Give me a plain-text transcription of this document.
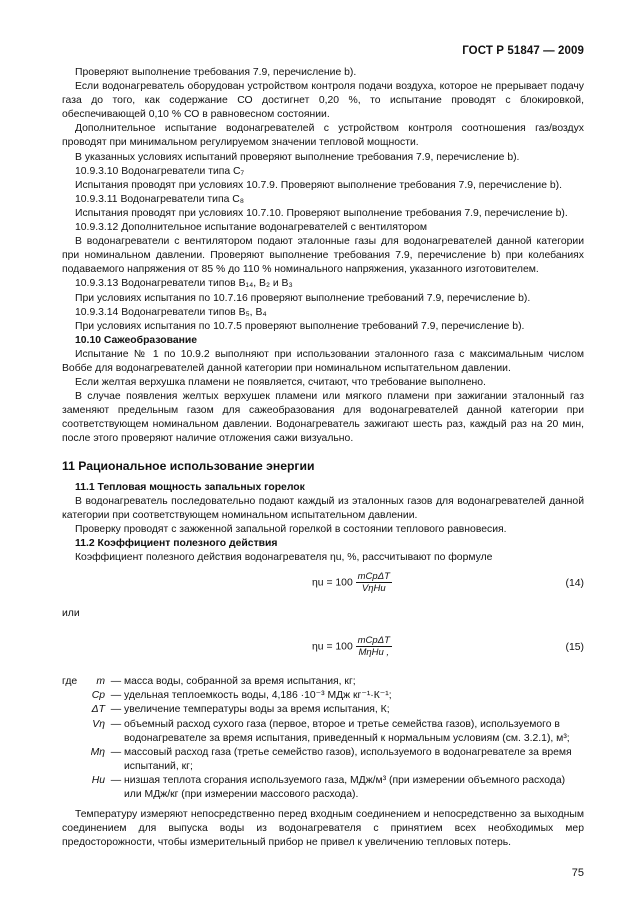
ГОСТ Р 51847 — 2009

Проверяют выполнение требования 7.9, перечисление b).

Если водонагреватель оборудован устройством контроля подачи воздуха, которое не прерывает подачу газа до того, как содержание СО достигнет 0,20 %, то испытание проводят с блокировкой, обеспечивающей 0,10 % СО в равновесном состоянии.

Дополнительное испытание водонагревателей с устройством контроля соотношения газ/воздух проводят при минимальном регулируемом значении тепловой мощности.

В указанных условиях испытаний проверяют выполнение требования 7.9, перечисление b).

10.9.3.10 Водонагреватели типа C₇

Испытания проводят при условиях 10.7.9. Проверяют выполнение требования 7.9, перечисление b).

10.9.3.11 Водонагреватели типа C₈

Испытания проводят при условиях 10.7.10. Проверяют выполнение требования 7.9, перечисление b).

10.9.3.12 Дополнительное испытание водонагревателей с вентилятором

В водонагреватели с вентилятором подают эталонные газы для водонагревателей данной категории при номинальном давлении. Проверяют выполнение требования 7.9, перечисление b) при колебаниях подаваемого напряжения от 85 % до 110 % номинального напряжения, указанного изготовителем.

10.9.3.13 Водонагреватели типов B₁₄, B₂ и B₃

При условиях испытания по 10.7.16 проверяют выполнение требований 7.9, перечисление b).

10.9.3.14 Водонагреватели типов B₅, B₄

При условиях испытания по 10.7.5 проверяют выполнение требований 7.9, перечисление b).

10.10 Сажеобразование

Испытание № 1 по 10.9.2 выполняют при использовании эталонного газа с максимальным числом Воббе для водонагревателей данной категории при номинальном испытательном давлении.

Если желтая верхушка пламени не появляется, считают, что требование выполнено.

В случае появления желтых верхушек пламени или мягкого пламени при зажигании эталонный газ заменяют предельным газом для сажеобразования для водонагревателей данной категории при соответствующем номинальном давлении. Водонагреватель зажигают шесть раз, каждый раз на 20 мин, после этого проверяют наличие отложения сажи визуально.

11 Рациональное использование энергии

11.1 Тепловая мощность запальных горелок

В водонагреватель последовательно подают каждый из эталонных газов для водонагревателей данной категории при соответствующем номинальном испытательном давлении.

Проверку проводят с зажженной запальной горелкой в состоянии теплового равновесия.

11.2 Коэффициент полезного действия

Коэффициент полезного действия водонагревателя ηu, %, рассчитывают по формуле

$\eta u = 100 \frac{\text{mCpΔT}}{\text{VηHи}}$	(14)

или

$\eta u = 100 \frac{\text{mCpΔT}}{\text{MηHи ,}}$	(15)
где	m — масса воды, собранной за время испытания, кг;
Cp — удельная теплоемкость воды, 4,186 ·10⁻³ МДж кг⁻¹·К⁻¹;
ΔT — увеличение температуры воды за время испытания, К;
Vη — объемный расход сухого газа (первое, второе и третье семейства газов), используемого в водонагревателе за время испытания, приведенный к нормальным условиям (см. 3.2.1), м³;
Mη — массовый расход газа (третье семейство газов), используемого в водонагревателе за время испытаний, кг;
Hи — низшая теплота сгорания используемого газа, МДж/м³ (при измерении объемного расхода) или МДж/кг (при измерении массового расхода).

Температуру измеряют непосредственно перед входным соединением и непосредственно за выходным соединением для выпуска воды из водонагревателя с принятием всех необходимых мер предосторожности, чтобы измерительный прибор не привел к увеличению тепловых потерь.

75
